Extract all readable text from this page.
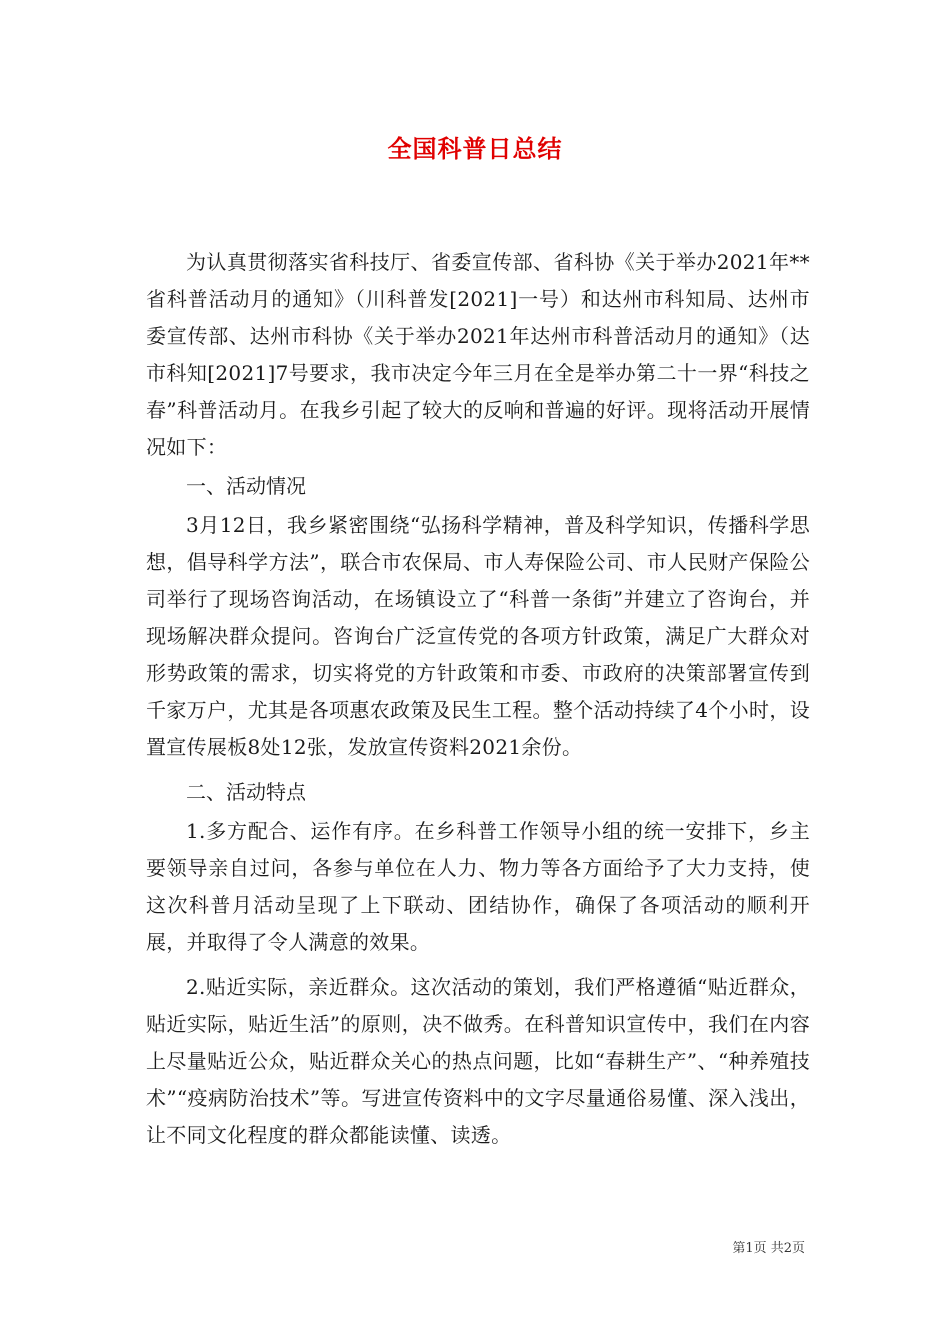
全国科普日总结

为认真贯彻落实省科技厅、省委宣传部、省科协《关于举办2021年**省科普活动月的通知》（川科普发[2021]一号）和达州市科知局、达州市委宣传部、达州市科协《关于举办2021年达州市科普活动月的通知》（达市科知[2021]7号要求，我市决定今年三月在全是举办第二十一界“科技之春”科普活动月。在我乡引起了较大的反响和普遍的好评。现将活动开展情况如下：

一、活动情况

3月12日，我乡紧密围绕“弘扬科学精神，普及科学知识，传播科学思想，倡导科学方法”，联合市农保局、市人寿保险公司、市人民财产保险公司举行了现场咨询活动，在场镇设立了“科普一条街”并建立了咨询台，并现场解决群众提问。咨询台广泛宣传党的各项方针政策，满足广大群众对形势政策的需求，切实将党的方针政策和市委、市政府的决策部署宣传到千家万户，尤其是各项惠农政策及民生工程。整个活动持续了4个小时，设置宣传展板8处12张，发放宣传资料2021余份。

二、活动特点

1.多方配合、运作有序。在乡科普工作领导小组的统一安排下，乡主要领导亲自过问，各参与单位在人力、物力等各方面给予了大力支持，使这次科普月活动呈现了上下联动、团结协作，确保了各项活动的顺利开展，并取得了令人满意的效果。

2.贴近实际，亲近群众。这次活动的策划，我们严格遵循“贴近群众，贴近实际，贴近生活”的原则，决不做秀。在科普知识宣传中，我们在内容上尽量贴近公众，贴近群众关心的热点问题，比如“春耕生产”、“种养殖技术”“疫病防治技术”等。写进宣传资料中的文字尽量通俗易懂、深入浅出，让不同文化程度的群众都能读懂、读透。

第1页 共2页
